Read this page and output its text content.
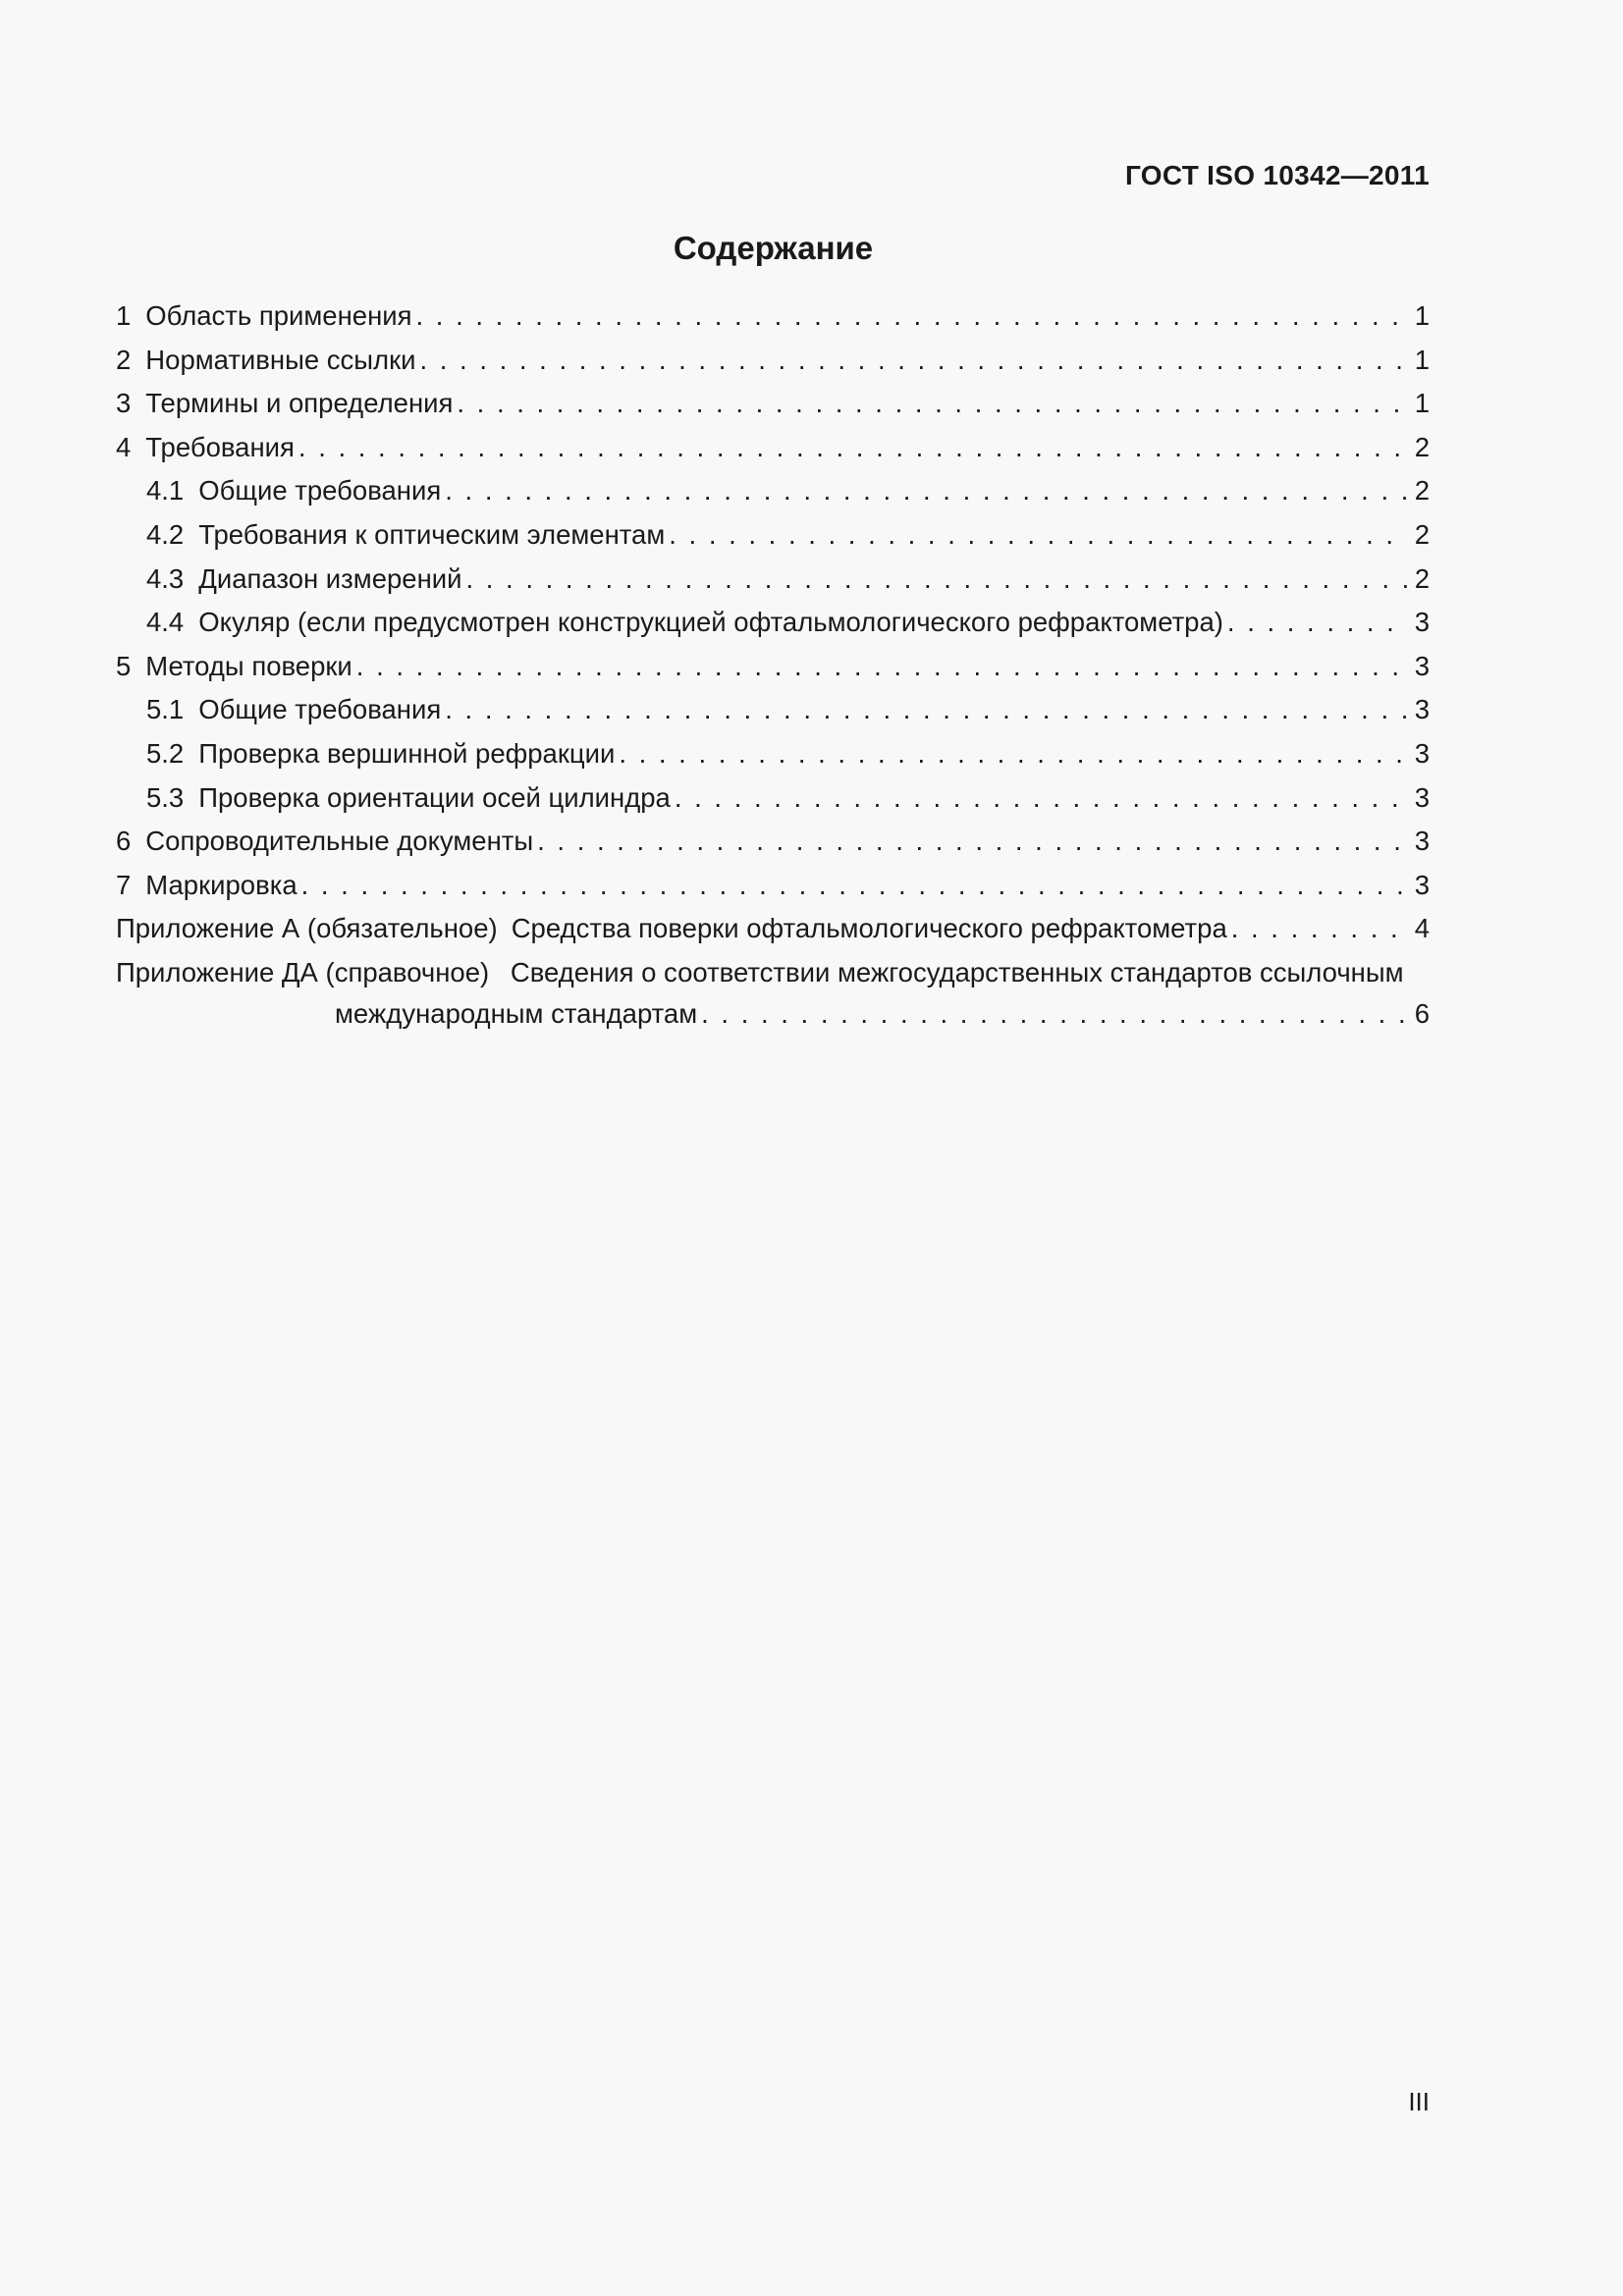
ГОСТ ISO 10342—2011
Содержание
1 Область применения . . .	1
2 Нормативные ссылки . . .	1
3 Термины и определения . . .	1
4 Требования . . .	2
4.1 Общие требования . . .	2
4.2 Требования к оптическим элементам . . .	2
4.3 Диапазон измерений . . .	2
4.4 Окуляр (если предусмотрен конструкцией офтальмологического рефрактометра) . . .	3
5 Методы поверки . . .	3
5.1 Общие требования . . .	3
5.2 Проверка вершинной рефракции . . .	3
5.3 Проверка ориентации осей цилиндра . . .	3
6 Сопроводительные документы . . .	3
7 Маркировка . . .	3
Приложение А (обязательное) Средства поверки офтальмологического рефрактометра . . .	4
Приложение ДА (справочное) Сведения о соответствии межгосударственных стандартов ссылочным
международным стандартам . . .	6
III
